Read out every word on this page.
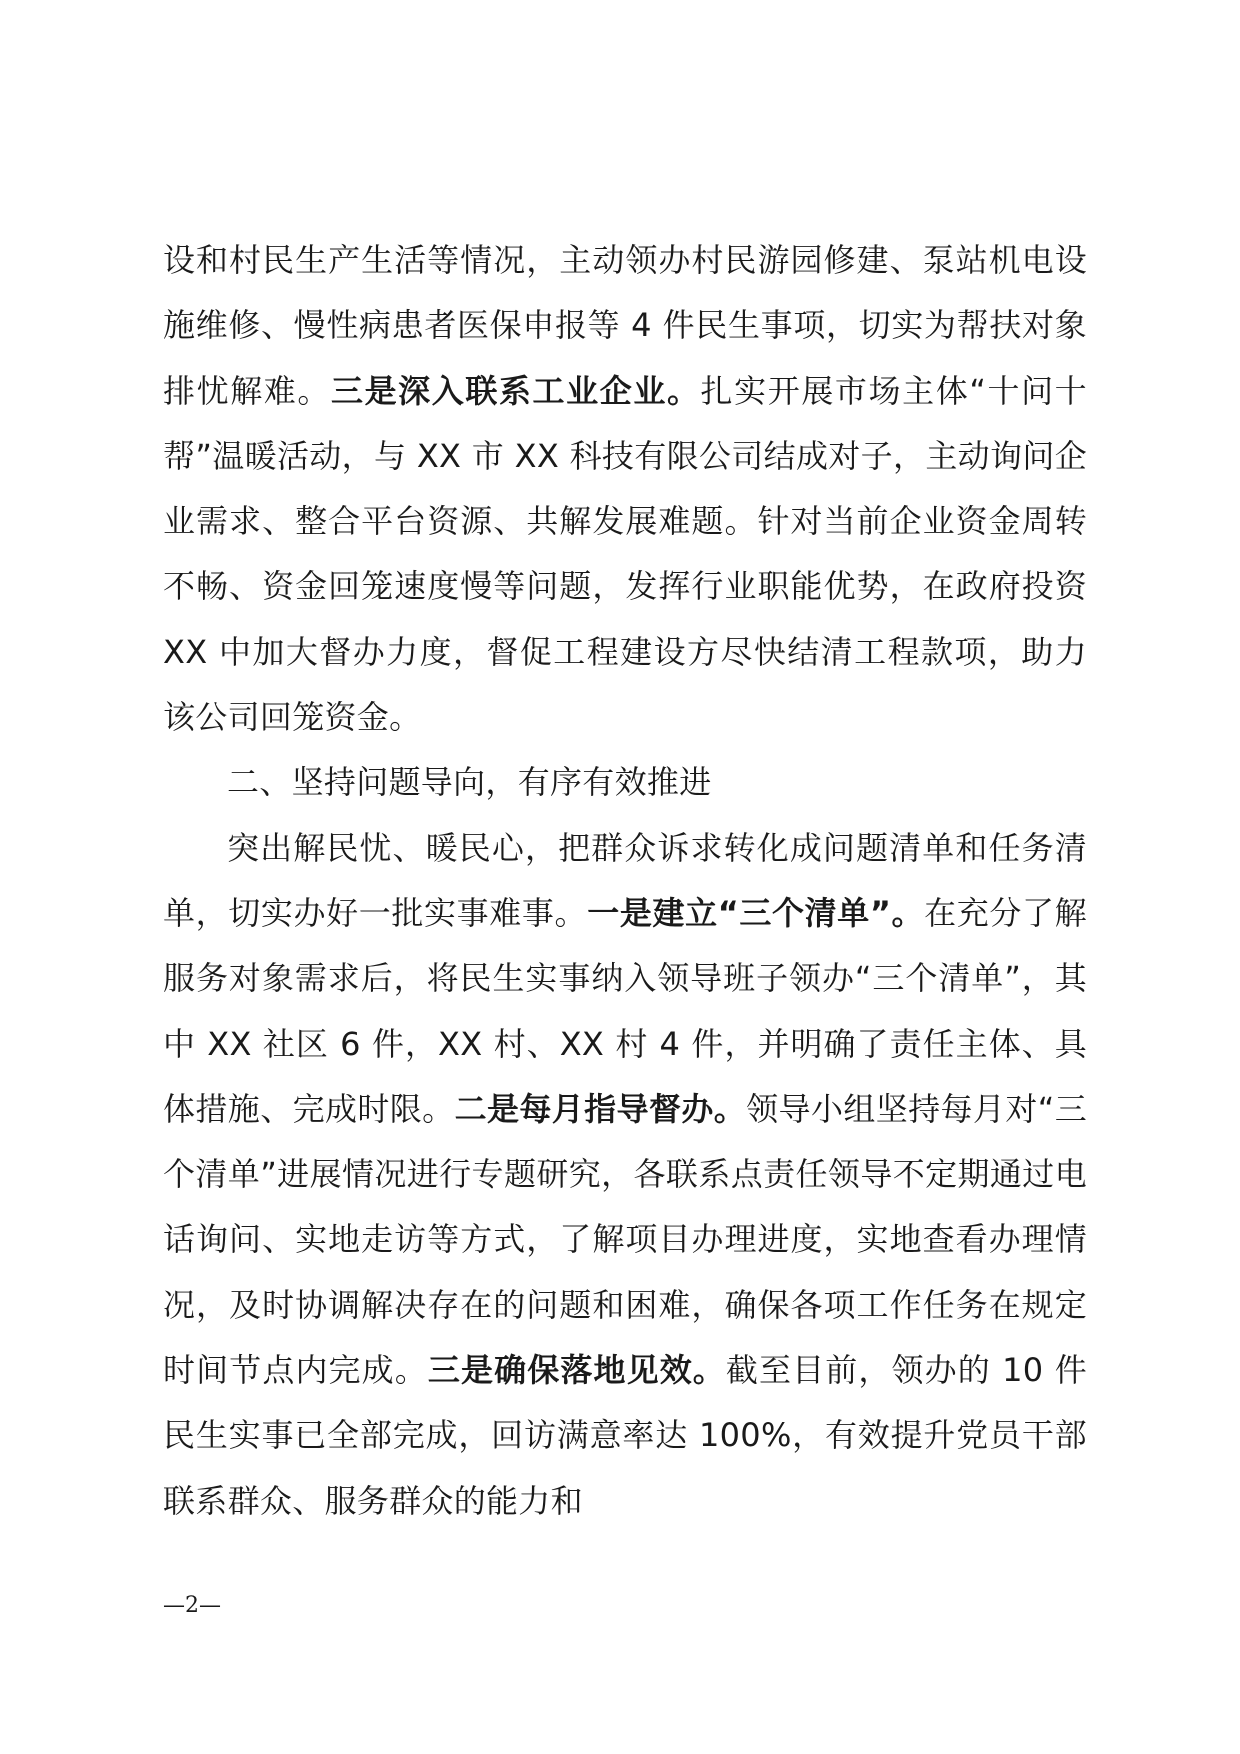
设和村民生产生活等情况，主动领办村民游园修建、泵站机电设施维修、慢性病患者医保申报等 4 件民生事项，切实为帮扶对象排忧解难。三是深入联系工业企业。扎实开展市场主体“十问十帮”温暖活动，与 XX 市 XX 科技有限公司结成对子，主动询问企业需求、整合平台资源、共解发展难题。针对当前企业资金周转不畅、资金回笼速度慢等问题，发挥行业职能优势，在政府投资 XX 中加大督办力度，督促工程建设方尽快结清工程款项，助力该公司回笼资金。

二、坚持问题导向，有序有效推进

突出解民忧、暖民心，把群众诉求转化成问题清单和任务清单，切实办好一批实事难事。一是建立“三个清单”。在充分了解服务对象需求后，将民生实事纳入领导班子领办“三个清单”，其中 XX 社区 6 件，XX 村、XX 村 4 件，并明确了责任主体、具体措施、完成时限。二是每月指导督办。领导小组坚持每月对“三个清单”进展情况进行专题研究，各联系点责任领导不定期通过电话询问、实地走访等方式，了解项目办理进度，实地查看办理情况，及时协调解决存在的问题和困难，确保各项工作任务在规定时间节点内完成。三是确保落地见效。截至目前，领办的 10 件民生实事已全部完成，回访满意率达 100%，有效提升党员干部联系群众、服务群众的能力和

—2—
